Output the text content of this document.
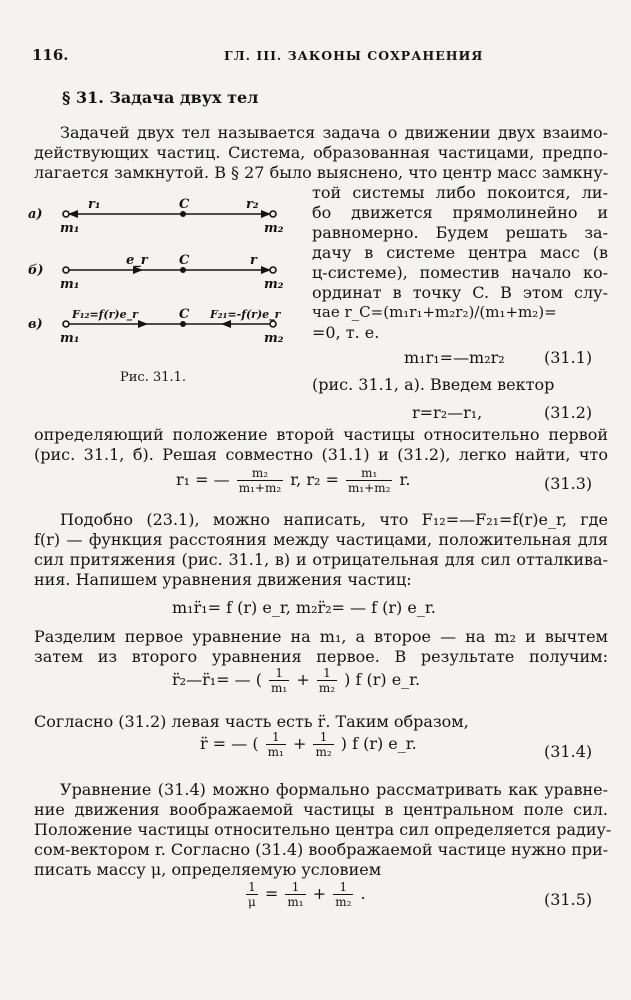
116.	ГЛ. III. ЗАКОНЫ СОХРАНЕНИЯ
§ 31. Задача двух тел
Задачей двух тел называется задача о движении двух взаимо-
действующих частиц. Система, образованная частицами, предпо-
лагается замкнутой. В § 27 было выяснено, что центр масс замкну-
той системы либо покоится, ли-
бо движется прямолинейно и
равномерно. Будем решать за-
дачу в системе центра масс (в
ц-системе), поместив начало ко-
ординат в точку C. В этом слу-
чае r_C=(m₁r₁+m₂r₂)/(m₁+m₂)=
=0, т. е.
m₁r₁=—m₂r₂ (31.1)
(рис. 31.1, a). Введем вектор
r=r₂—r₁,	(31.2)
а)
r₁	C	r₂
m₁	m₂
б)
e_r C	r
m₁	m₂
в)
F₁₂=f(r)e_r	C F₂₁=-f(r)e_r
m₁	m₂
Рис. 31.1.
определяющий положение второй частицы относительно первой
(рис. 31.1, б). Решая совместно (31.1) и (31.2), легко найти, что
r₁ = — $\frac{\text{m₂}}{\text{m₁+m₂}} r$, $r_2 = \frac{\text{m₁}}{\text{m₁+m₂}} r$.	(31.3)
Подобно (23.1), можно написать, что F₁₂=—F₂₁=f(r)e_r, где
f(r) — функция расстояния между частицами, положительная для
сил притяжения (рис. 31.1, в) и отрицательная для сил отталкива-
ния. Напишем уравнения движения частиц:
m₁r̈₁= f (r) e_r, m₂r̈₂= — f (r) e_r.
Разделим первое уравнение на m₁, а второе — на m₂ и вычтем
затем из второго уравнения первое. В результате получим:
r̈₂—r̈₁= — ( $\frac{1}{\text{m₁}} + \frac{1}{\text{m₂}}$ ) f (r) e_r.
Согласно (31.2) левая часть есть r̈. Таким образом,
r̈ = — ( $\frac{1}{\text{m₁}} + \frac{1}{\text{m₂}}$ ) f (r) e_r.	(31.4)
Уравнение (31.4) можно формально рассматривать как уравне-
ние движения воображаемой частицы в центральном поле сил.
Положение частицы относительно центра сил определяется радиу-
сом-вектором r. Согласно (31.4) воображаемой частице нужно при-
писать массу μ, определяемую условием
$\frac{1}{\mu} = \frac{1}{\text{m₁}} + \frac{1}{\text{m₂}}$ .	(31.5)
